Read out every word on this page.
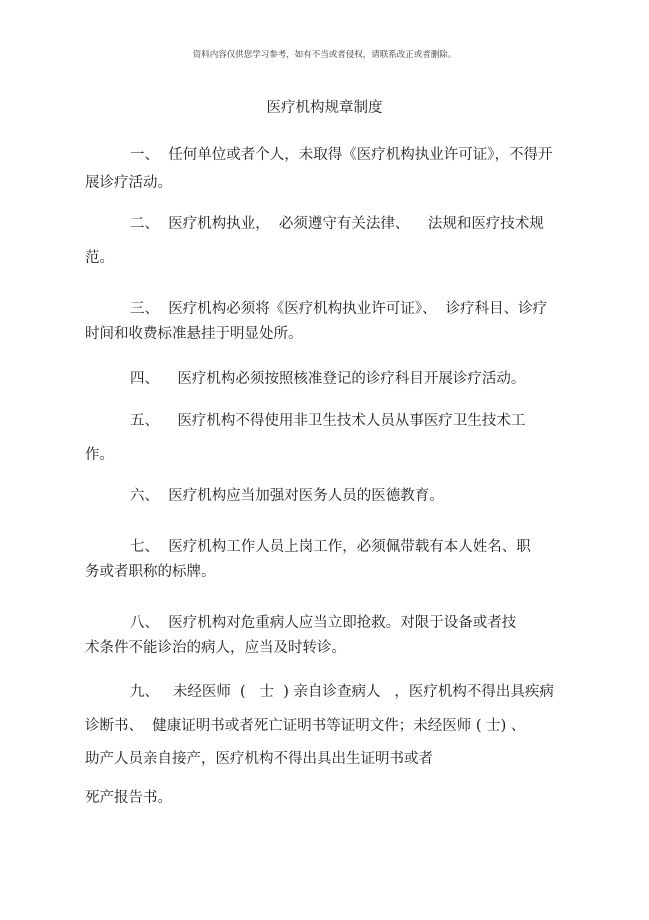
资料内容仅供您学习参考，如有不当或者侵权，请联系改正或者删除。
医疗机构规章制度
一、  任何单位或者个人，未取得《医疗机构执业许可证》，不得开
展诊疗活动。
二、  医疗机构执业，  必须遵守有关法律、    法规和医疗技术规
范。
三、  医疗机构必须将《医疗机构执业许可证》、  诊疗科目、诊疗
时间和收费标准悬挂于明显处所。
四、    医疗机构必须按照核准登记的诊疗科目开展诊疗活动。
五、    医疗机构不得使用非卫生技术人员从事医疗卫生技术工
作。
六、  医疗机构应当加强对医务人员的医德教育。
七、  医疗机构工作人员上岗工作，必须佩带载有本人姓名、职
务或者职称的标牌。
八、  医疗机构对危重病人应当立即抢救。对限于设备或者技
术条件不能诊治的病人，应当及时转诊。
九、   未经医师  (   士  ) 亲自诊查病人   ，医疗机构不得出具疾病
诊断书、  健康证明书或者死亡证明书等证明文件；未经医师 ( 士) 、
助产人员亲自接产，医疗机构不得出具出生证明书或者
死产报告书。
